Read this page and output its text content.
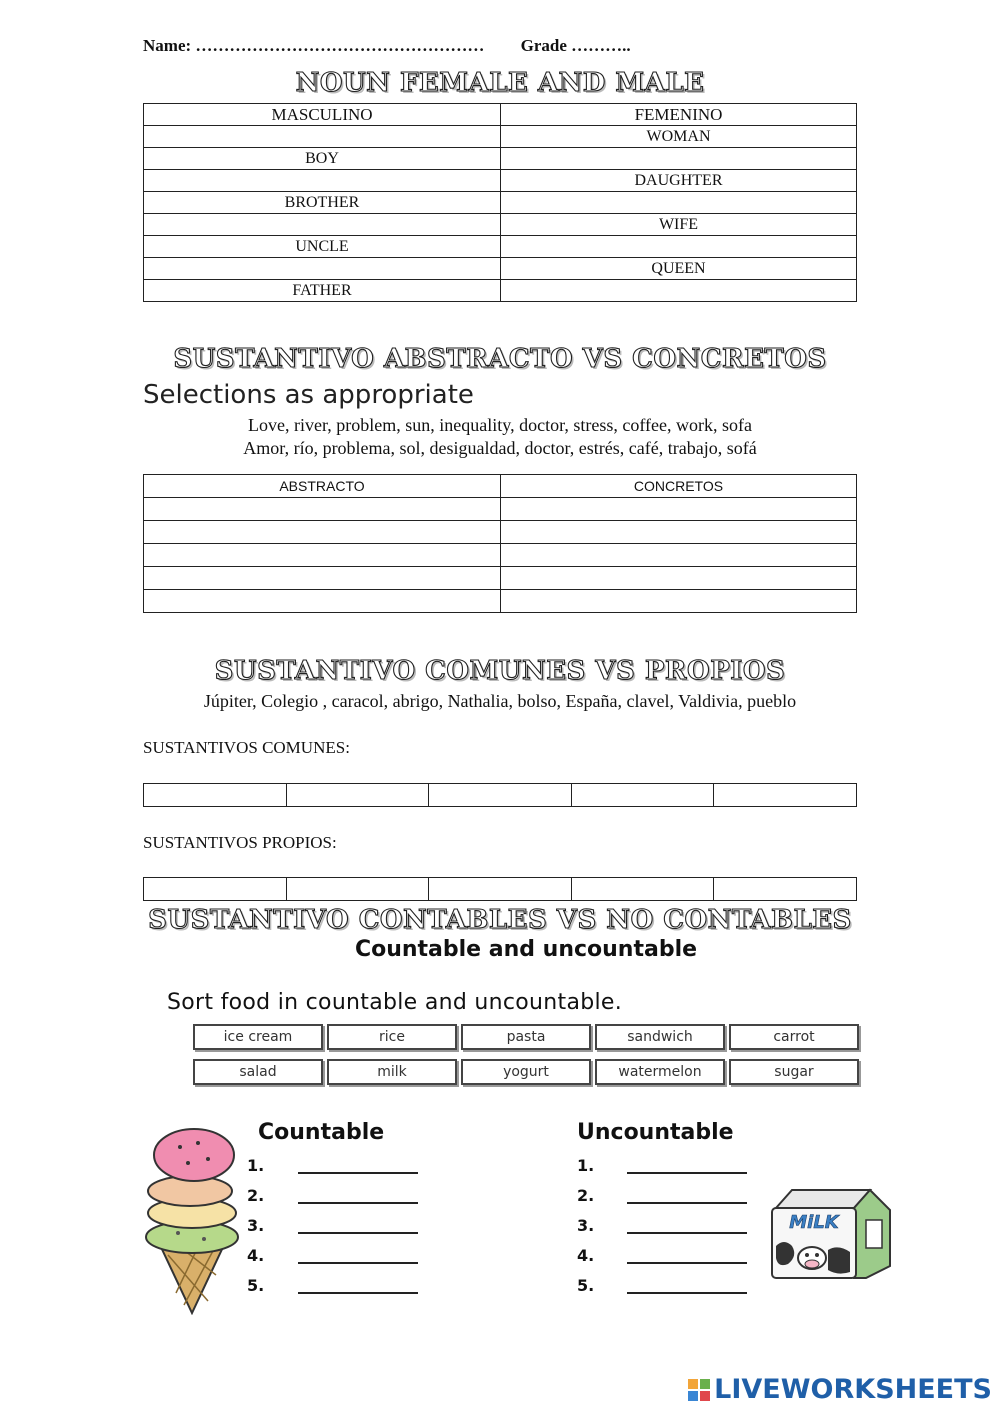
Name: …………………………………………… Grade ………..
NOUN FEMALE AND MALE
MASCULINO	FEMENINO
	WOMAN
BOY	
	DAUGHTER
BROTHER	
	WIFE
UNCLE	
	QUEEN
FATHER	
SUSTANTIVO ABSTRACTO VS CONCRETOS
Selections as appropriate
Love, river, problem, sun, inequality, doctor, stress, coffee, work, sofa
Amor, río, problema, sol, desigualdad, doctor, estrés, café, trabajo, sofá
ABSTRACTO	CONCRETOS

SUSTANTIVO COMUNES VS PROPIOS
Júpiter, Colegio , caracol, abrigo, Nathalia, bolso, España, clavel, Valdivia, pueblo
SUSTANTIVOS COMUNES:

SUSTANTIVOS PROPIOS:

SUSTANTIVO CONTABLES VS NO CONTABLES
Countable and uncountable
Sort food in countable and uncountable.
ice cream	rice	pasta	sandwich	carrot
salad	milk	yogurt	watermelon	sugar
Countable
1.
2.
3.
4.
5.
Uncountable
1.
2.
3.
4.
5.
MiLK
LIVEWORKSHEETS
